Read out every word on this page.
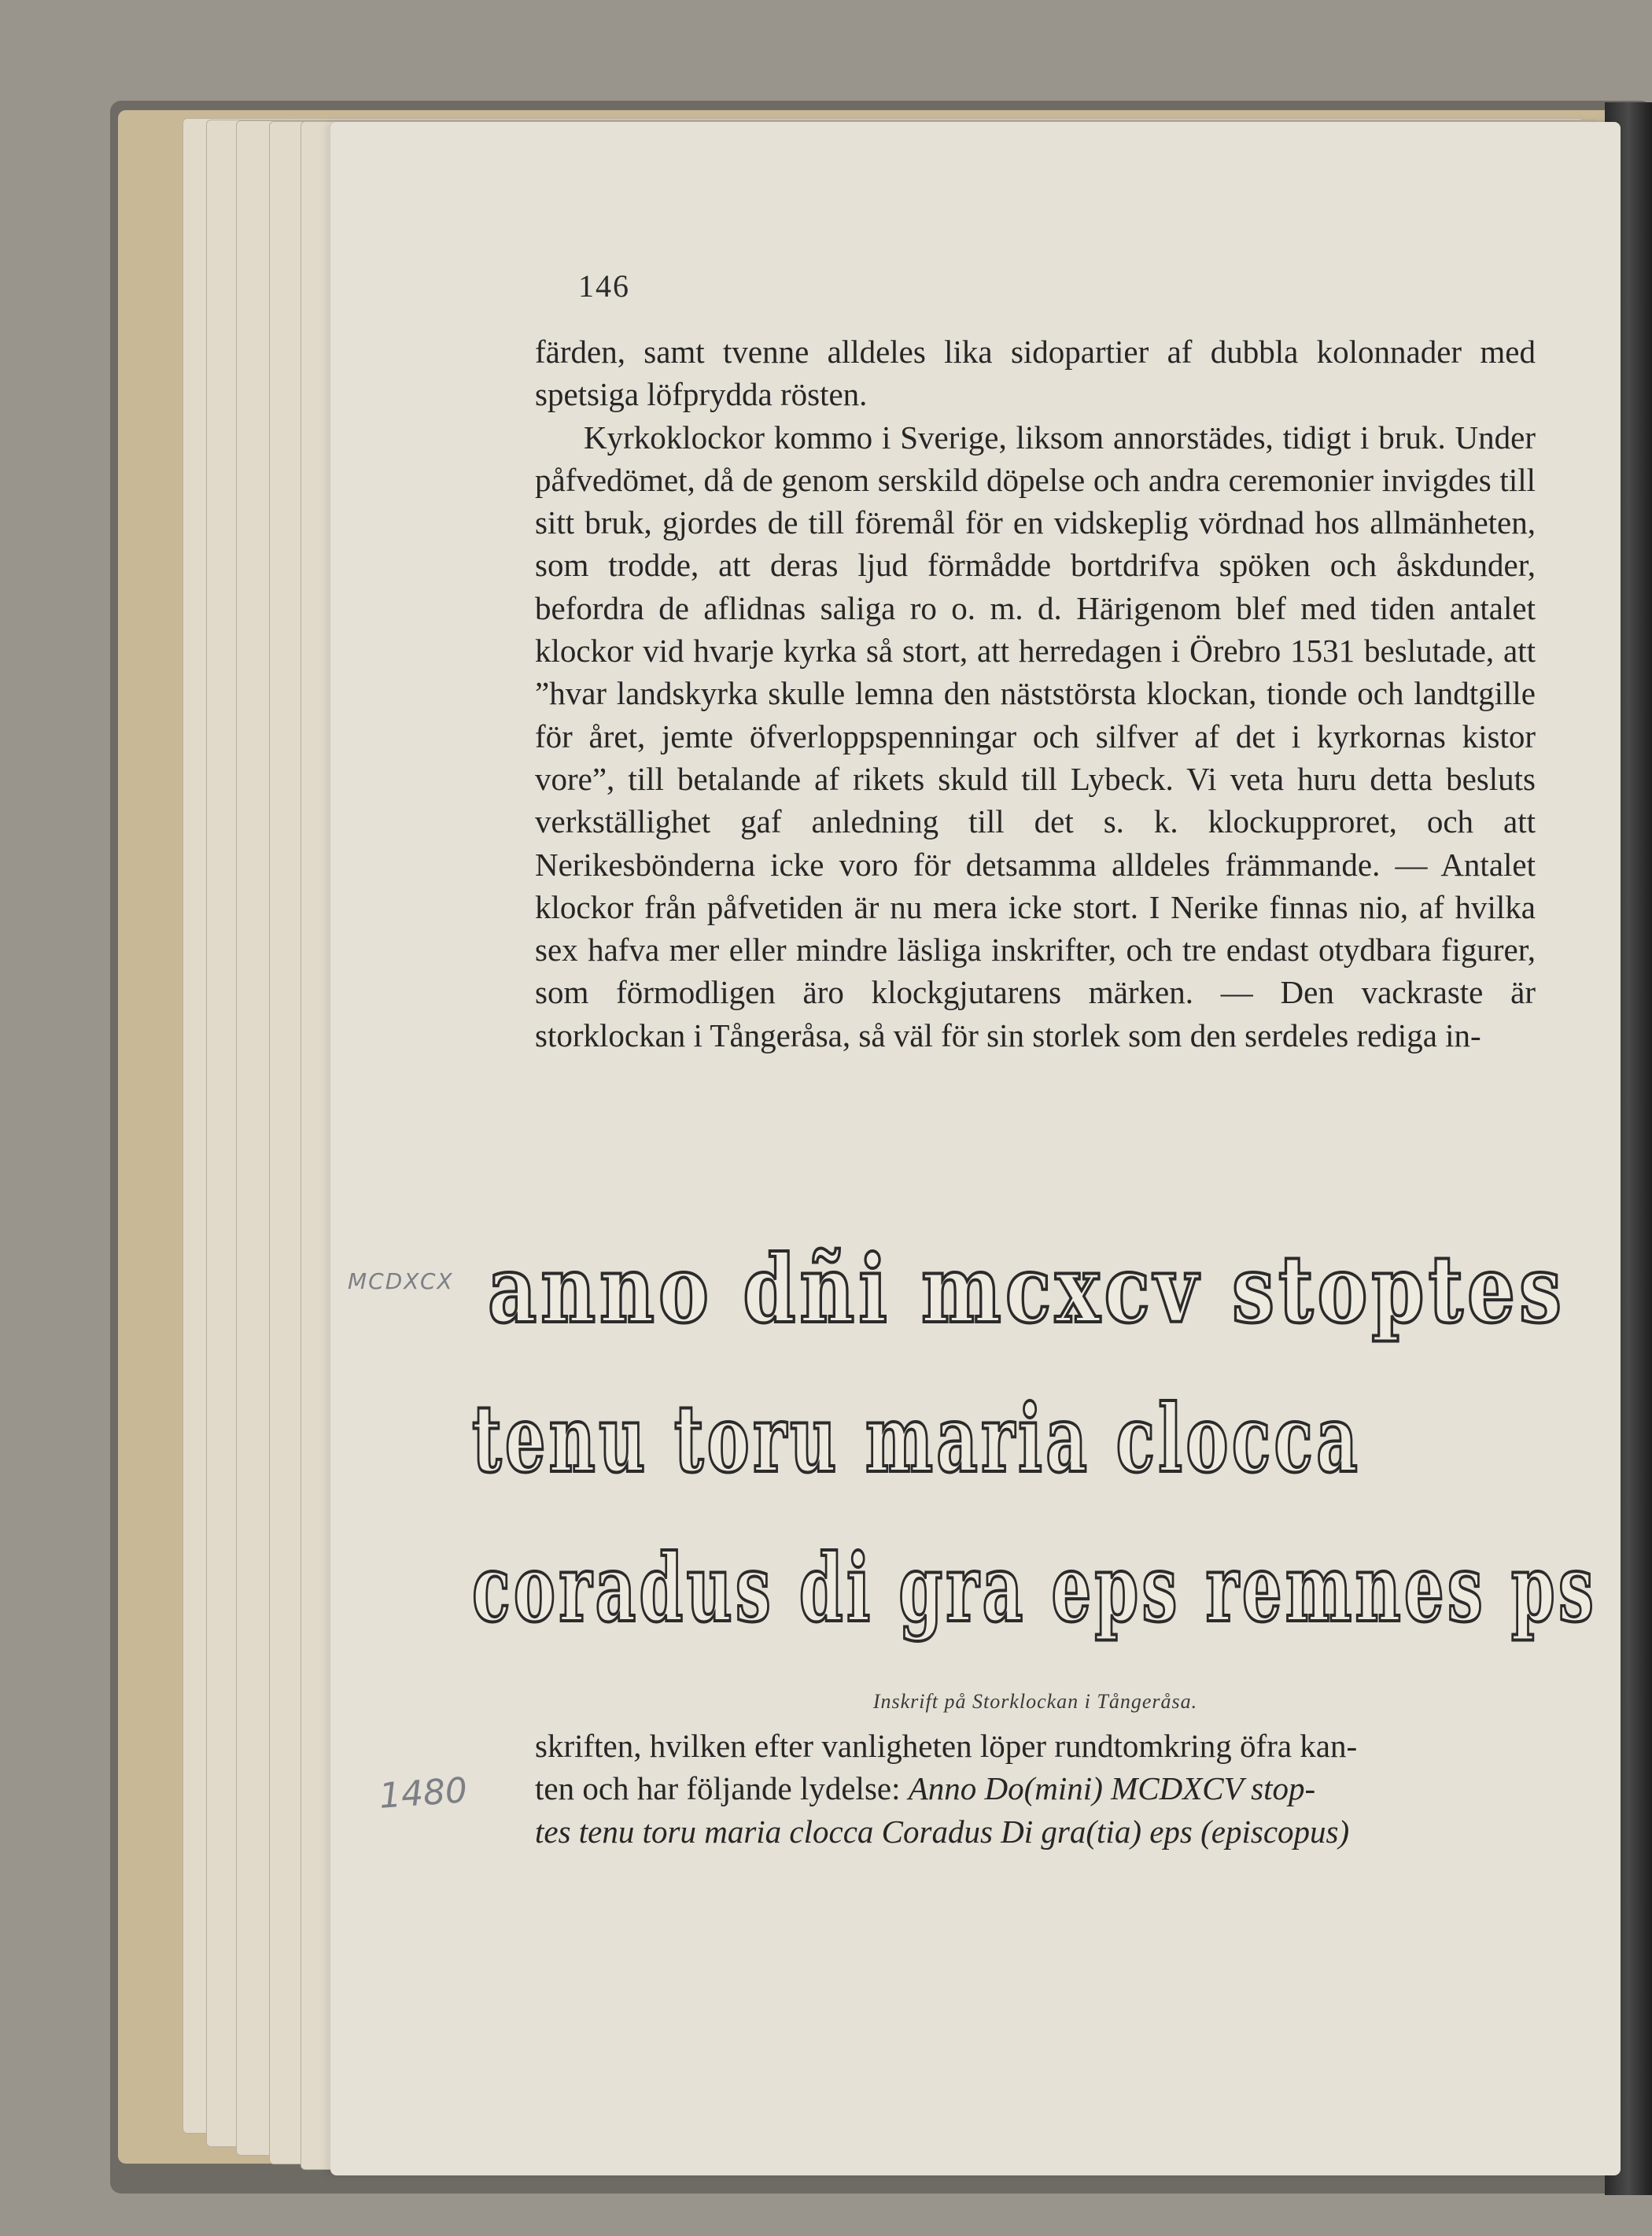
146

färden, samt tvenne alldeles lika sidopartier af dubbla kolonnader med spetsiga löfprydda rösten.

Kyrkoklockor kommo i Sverige, liksom annorstädes, tidigt i bruk. Under påfvedömet, då de genom serskild döpelse och andra ceremonier invigdes till sitt bruk, gjordes de till föremål för en vidskeplig vördnad hos allmänheten, som trodde, att deras ljud förmådde bortdrifva spöken och åskdunder, befordra de aflidnas saliga ro o. m. d. Härigenom blef med tiden antalet klockor vid hvarje kyrka så stort, att herredagen i Örebro 1531 beslutade, att ”hvar landskyrka skulle lemna den näststörsta klockan, tionde och landtgille för året, jemte öfverloppspenningar och silfver af det i kyrkornas kistor vore”, till betalande af rikets skuld till Lybeck. Vi veta huru detta besluts verkställighet gaf anledning till det s. k. klockupproret, och att Nerikesbönderna icke voro för detsamma alldeles främmande. — Antalet klockor från påfvetiden är nu mera icke stort. I Nerike finnas nio, af hvilka sex hafva mer eller mindre läsliga inskrifter, och tre endast otydbara figurer, som förmodligen äro klockgjutarens märken. — Den vackraste är storklockan i Tångeråsa, så väl för sin storlek som den serdeles rediga in-

MCDXCX
1480
anno dñi mcxcv stoptes
tenu toru maria clocca
coradus di gra eps remnes ps
Inskrift på Storklockan i Tångeråsa.

skriften, hvilken efter vanligheten löper rundtomkring öfra kan-

ten och har följande lydelse: Anno Do(mini) MCDXCV stop-

tes tenu toru maria clocca Coradus Di gra(tia) eps (episcopus)
